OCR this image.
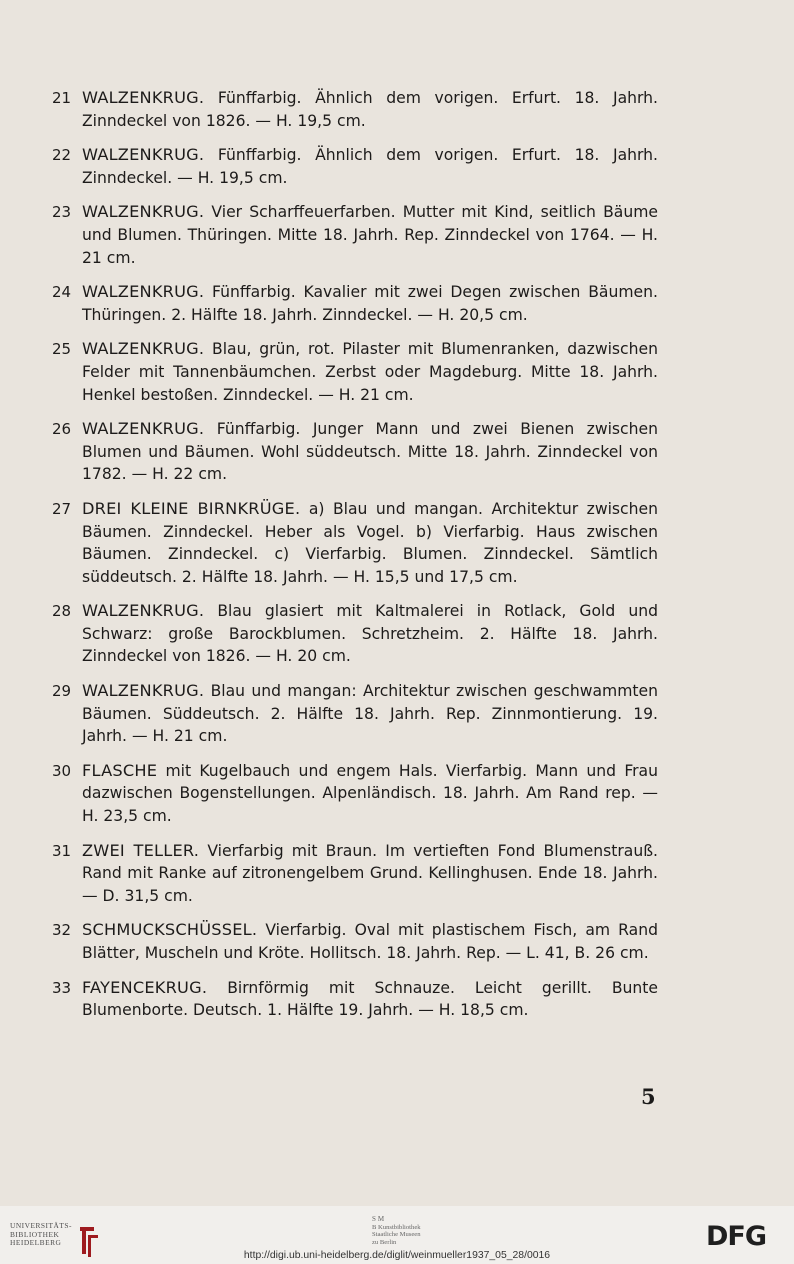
21 WALZENKRUG. Fünffarbig. Ähnlich dem vorigen. Erfurt. 18. Jahrh. Zinndeckel von 1826. — H. 19,5 cm.
22 WALZENKRUG. Fünffarbig. Ähnlich dem vorigen. Erfurt. 18. Jahrh. Zinndeckel. — H. 19,5 cm.
23 WALZENKRUG. Vier Scharffeuerfarben. Mutter mit Kind, seitlich Bäume und Blumen. Thüringen. Mitte 18. Jahrh. Rep. Zinndeckel von 1764. — H. 21 cm.
24 WALZENKRUG. Fünffarbig. Kavalier mit zwei Degen zwischen Bäumen. Thüringen. 2. Hälfte 18. Jahrh. Zinndeckel. — H. 20,5 cm.
25 WALZENKRUG. Blau, grün, rot. Pilaster mit Blumenranken, dazwischen Felder mit Tannenbäumchen. Zerbst oder Magdeburg. Mitte 18. Jahrh. Henkel bestoßen. Zinndeckel. — H. 21 cm.
26 WALZENKRUG. Fünffarbig. Junger Mann und zwei Bienen zwischen Blumen und Bäumen. Wohl süddeutsch. Mitte 18. Jahrh. Zinndeckel von 1782. — H. 22 cm.
27 DREI KLEINE BIRNKRÜGE. a) Blau und mangan. Architektur zwischen Bäumen. Zinndeckel. Heber als Vogel. b) Vierfarbig. Haus zwischen Bäumen. Zinndeckel. c) Vierfarbig. Blumen. Zinndeckel. Sämtlich süddeutsch. 2. Hälfte 18. Jahrh. — H. 15,5 und 17,5 cm.
28 WALZENKRUG. Blau glasiert mit Kaltmalerei in Rotlack, Gold und Schwarz: große Barockblumen. Schretzheim. 2. Hälfte 18. Jahrh. Zinndeckel von 1826. — H. 20 cm.
29 WALZENKRUG. Blau und mangan: Architektur zwischen geschwammten Bäumen. Süddeutsch. 2. Hälfte 18. Jahrh. Rep. Zinnmontierung. 19. Jahrh. — H. 21 cm.
30 FLASCHE mit Kugelbauch und engem Hals. Vierfarbig. Mann und Frau dazwischen Bogenstellungen. Alpenländisch. 18. Jahrh. Am Rand rep. — H. 23,5 cm.
31 ZWEI TELLER. Vierfarbig mit Braun. Im vertieften Fond Blumenstrauß. Rand mit Ranke auf zitronengelbem Grund. Kellinghusen. Ende 18. Jahrh. — D. 31,5 cm.
32 SCHMUCKSCHÜSSEL. Vierfarbig. Oval mit plastischem Fisch, am Rand Blätter, Muscheln und Kröte. Hollitsch. 18. Jahrh. Rep. — L. 41, B. 26 cm.
33 FAYENCEKRUG. Birnförmig mit Schnauze. Leicht gerillt. Bunte Blumenborte. Deutsch. 1. Hälfte 19. Jahrh. — H. 18,5 cm.
5
UNIVERSITÄTS-
BIBLIOTHEK
HEIDELBERG
SM
B Kunstbibliothek
Staatliche Museen
zu Berlin	DFG
http://digi.ub.uni-heidelberg.de/diglit/weinmueller1937_05_28/0016
